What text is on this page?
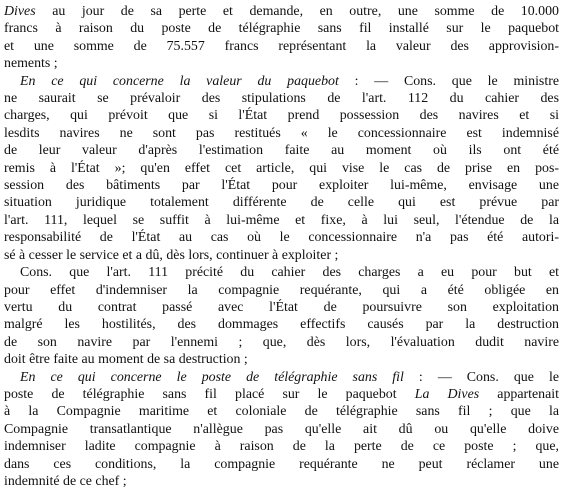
Dives au jour de sa perte et demande, en outre, une somme de 10.000
francs à raison du poste de télégraphie sans fil installé sur le paquebot
et une somme de 75.557 francs représentant la valeur des approvision-
nements ;
En ce qui concerne la valeur du paquebot : — Cons. que le ministre
ne saurait se prévaloir des stipulations de l'art. 112 du cahier des
charges, qui prévoit que si l'État prend possession des navires et si
lesdits navires ne sont pas restitués « le concessionnaire est indemnisé
de leur valeur d'après l'estimation faite au moment où ils ont été
remis à l'État »; qu'en effet cet article, qui vise le cas de prise en pos-
session des bâtiments par l'État pour exploiter lui-même, envisage une
situation juridique totalement différente de celle qui est prévue par
l'art. 111, lequel se suffit à lui-même et fixe, à lui seul, l'étendue de la
responsabilité de l'État au cas où le concessionnaire n'a pas été autori-
sé à cesser le service et a dû, dès lors, continuer à exploiter ;
Cons. que l'art. 111 précité du cahier des charges a eu pour but et
pour effet d'indemniser la compagnie requérante, qui a été obligée en
vertu du contrat passé avec l'État de poursuivre son exploitation
malgré les hostilités, des dommages effectifs causés par la destruction
de son navire par l'ennemi ; que, dès lors, l'évaluation dudit navire
doit être faite au moment de sa destruction ;
En ce qui concerne le poste de télégraphie sans fil : — Cons. que le
poste de télégraphie sans fil placé sur le paquebot La Dives appartenait
à la Compagnie maritime et coloniale de télégraphie sans fil ; que la
Compagnie transatlantique n'allègue pas qu'elle ait dû ou qu'elle doive
indemniser ladite compagnie à raison de la perte de ce poste ; que,
dans ces conditions, la compagnie requérante ne peut réclamer une
indemnité de ce chef ;
